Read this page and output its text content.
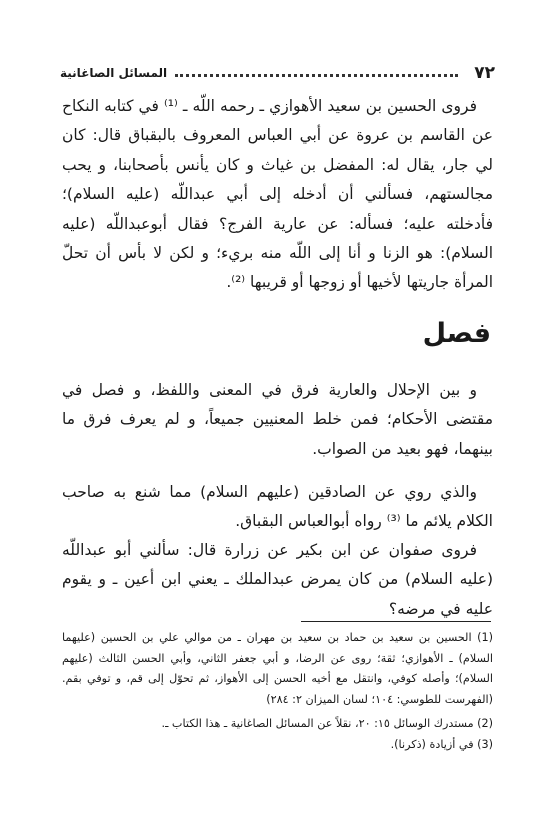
٧٢
المسائل الصاغانية

فروى الحسين بن سعيد الأهوازي ـ رحمه اللّه ـ ⁽¹⁾ في كتابه النكاح عن القاسم بن عروة عن أبي العباس المعروف بالبقباق قال: كان لي جار، يقال له: المفضل بن غياث و كان يأنس بأصحابنا، و يحب مجالستهم، فسألني أن أدخله إلى أبي عبداللّه (عليه السلام)؛ فأدخلته عليه؛ فسأله: عن عارية الفرج؟ فقال أبوعبداللّه (عليه السلام): هو الزنا و أنا إلى اللّه منه بريء؛ و لكن لا بأس أن تحلّ المرأة جاريتها لأخيها أو زوجها أو قريبها ⁽²⁾.

فصل

و بين الإحلال والعارية فرق في المعنى واللفظ، و فصل في مقتضى الأحكام؛ فمن خلط المعنيين جميعاً، و لم يعرف فرق ما بينهما، فهو بعيد من الصواب.

والذي روي عن الصادقين (عليهم السلام) مما شنع به صاحب الكلام يلائم ما ⁽³⁾ رواه أبوالعباس البقباق.

فروى صفوان عن ابن بكير عن زرارة قال: سألني أبو عبداللّه (عليه السلام) من كان يمرض عبدالملك ـ يعني ابن أعين ـ و يقوم عليه في مرضه؟

(1) الحسين بن سعيد بن حماد بن سعيد بن مهران ـ من موالي علي بن الحسين (عليهما السلام) ـ الأهوازي؛ ثقة؛ روى عن الرضا، و أبي جعفر الثاني، وأبي الحسن الثالث (عليهم السلام)؛ وأصله كوفي، وانتقل مع أخيه الحسن إلى الأهواز، ثم تحوّل إلى قم، و توفي بقم. (الفهرست للطوسي: ١٠٤؛ لسان الميزان ٢: ٢٨٤)

(2) مستدرك الوسائل ١٥: ٢٠، نقلاً عن المسائل الصاغانية ـ هذا الكتاب ـ.

(3) في أزيادة (ذكرنا).
